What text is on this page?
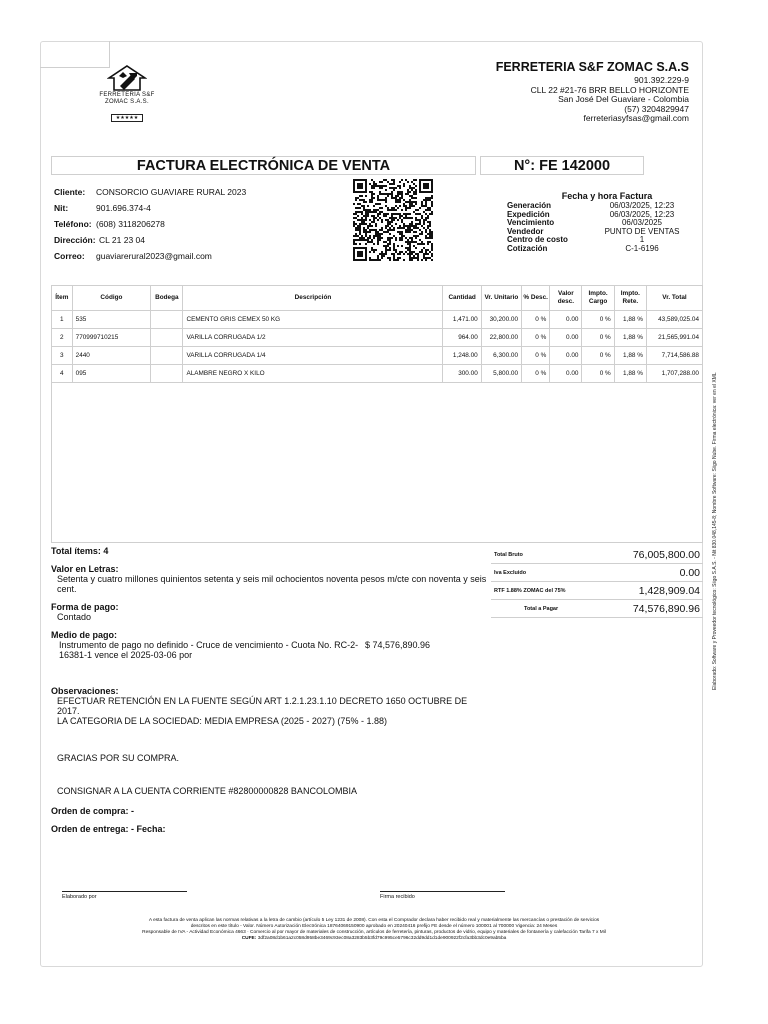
FERRETERIA S&F
ZOMAC S.A.S.
★★★★★
FERRETERIA S&F ZOMAC S.A.S
901.392.229-9
CLL 22 #21-76 BRR BELLO HORIZONTE
San José Del Guaviare - Colombia
(57) 3204829947
ferreteriasyfsas@gmail.com
FACTURA ELECTRÓNICA DE VENTA	N°: FE 142000
Cliente:	CONSORCIO GUAVIARE RURAL 2023
Nit:	901.696.374-4
Teléfono: (608) 3118206278
Dirección: CL 21 23 04
Correo:	guaviarerural2023@gmail.com
Fecha y hora Factura
Generación	06/03/2025, 12:23
Expedición	06/03/2025, 12:23
Vencimiento	06/03/2025
Vendedor	PUNTO DE VENTAS
Centro de costo	1
Cotización	C-1-6196
Ítem	Código	Bodega	Descripción	Cantidad	Vr. Unitario	% Desc.	Valor desc.	Impto. Cargo	Impto. Rete.	Vr. Total
1	535		CEMENTO GRIS CEMEX 50 KG	1,471.00	30,200.00	0 %	0.00	0 %	1,88 %	43,589,025.04
2	770999710215		VARILLA CORRUGADA 1/2	964.00	22,800.00	0 %	0.00	0 %	1,88 %	21,565,991.04
3	2440		VARILLA CORRUGADA 1/4	1,248.00	6,300.00	0 %	0.00	0 %	1,88 %	7,714,586.88
4	095		ALAMBRE NEGRO X KILO	300.00	5,800.00	0 %	0.00	0 %	1,88 %	1,707,288.00	Elaborado: Software y Proveedor tecnológico: Siigo S.A.S. - Nit 830.048,145-8; Nombre Software: Siigo Nube. Firma electrónica: ver en el XML
Total ítems: 4
Valor en Letras:
Setenta y cuatro millones quinientos setenta y seis mil ochocientos noventa pesos m/cte con noventa y seis cent.
Forma de pago:
Contado
Medio de pago:
Instrumento de pago no definido - Cruce de vencimiento - Cuota No. RC-2-16381-1 vence el 2025-03-06 por
$ 74,576,890.96
Observaciones:
EFECTUAR RETENCIÓN EN LA FUENTE SEGÚN ART 1.2.1.23.1.10 DECRETO 1650 OCTUBRE DE 2017.
LA CATEGORIA DE LA SOCIEDAD: MEDIA EMPRESA (2025 - 2027) (75% - 1.88)
GRACIAS POR SU COMPRA.
CONSIGNAR A LA CUENTA CORRIENTE #82800000828 BANCOLOMBIA
Orden de compra: -
Orden de entrega: - Fecha:
Total Bruto	76,005,800.00
Iva Excluido	0.00
RTF 1.88% ZOMAC del 75%	1,428,909.04
Total a Pagar	74,576,890.96
Elaborado por	Firma recibido
A esta factura de venta aplican las normas relativas a la letra de cambio (artículo 5 Ley 1231 de 2008). Con esta el Comprador declara haber recibido real y materialmente las mercancías o prestación de servicios
descritos en este título - Valor. Número Autorización Electrónica 18764069150900 aprobado en 20240416 prefijo FE desde el número 100001 al 700000 Vigencia: 24 Meses
Responsable de IVA - Actividad Económica 4663 · Comercio al por mayor de materiales de construcción, artículos de ferretería, pinturas, productos de vidrio, equipo y materiales de fontanería y calefacción Tarifa 7 x Mil
CUFE: 3df2a08d1b61a2c058d958be3469c93ec08a3283b5b3fd79c995ce5796c32dd9dd1d1de900922f2cfa3bb3dc0e9ab5ba
